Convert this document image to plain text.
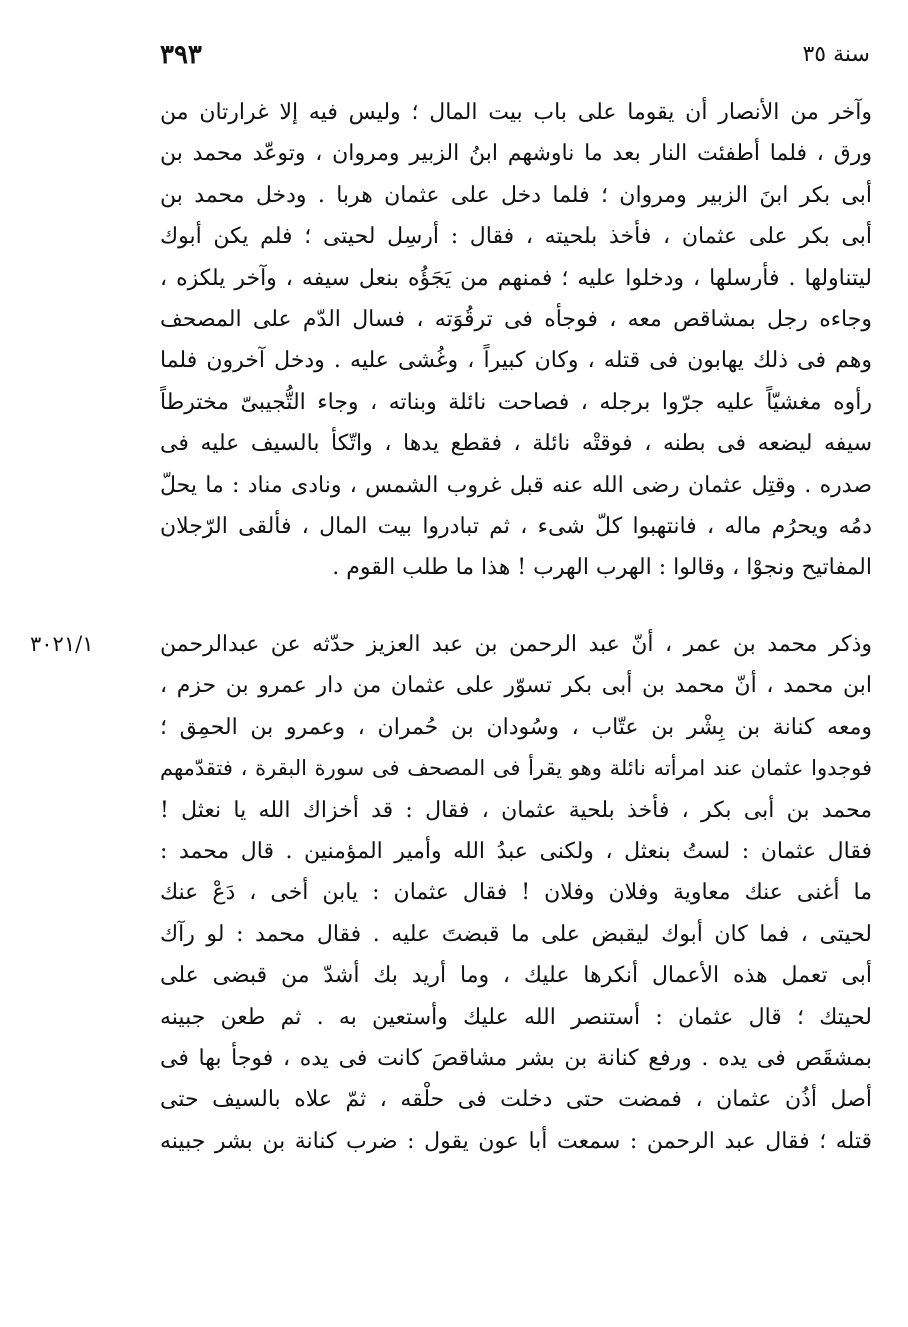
٣٩٣	سنة ٣٥
وآخر من الأنصار أن يقوما على باب بيت المال ؛ وليس فيه إلا غرارتان من
ورق ، فلما أطفئت النار بعد ما ناوشهم ابنُ الزبير ومروان ، وتوعّد محمد بن
أبى بكر ابنَ الزبير ومروان ؛ فلما دخل على عثمان هربا . ودخل محمد بن
أبى بكر على عثمان ، فأخذ بلحيته ، فقال : أرسِل لحيتى ؛ فلم يكن أبوك
ليتناولها . فأرسلها ، ودخلوا عليه ؛ فمنهم من يَجَؤُه بنعل سيفه ، وآخر يلكزه ،
وجاءه رجل بمشاقص معه ، فوجأه فى ترقُوَته ، فسال الدّم على المصحف
وهم فى ذلك يهابون فى قتله ، وكان كبيراً ، وغُشى عليه . ودخل آخرون فلما
رأوه مغشيّاً عليه جرّوا برجله ، فصاحت نائلة وبناته ، وجاء التُّجيبىّ مخترطاً
سيفه ليضعه فى بطنه ، فوقتْه نائلة ، فقطع يدها ، واتّكأ بالسيف عليه فى
صدره . وقتِل عثمان رضى الله عنه قبل غروب الشمس ، ونادى مناد : ما يحلّ
دمُه ويحرُم ماله ، فانتهبوا كلّ شىء ، ثم تبادروا بيت المال ، فألقى الرّجلان
المفاتيح ونجوْا ، وقالوا : الهرب الهرب ! هذا ما طلب القوم .
٣٠٢١/١	وذكر محمد بن عمر ، أنّ عبد الرحمن بن عبد العزيز حدّثه عن عبدالرحمن
ابن محمد ، أنّ محمد بن أبى بكر تسوّر على عثمان من دار عمرو بن حزم ،
ومعه كنانة بن بِشْر بن عتّاب ، وسُودان بن حُمران ، وعمرو بن الحمِق ؛
فوجدوا عثمان عند امرأته نائلة وهو يقرأ فى المصحف فى سورة البقرة ، فتقدّمهم
محمد بن أبى بكر ، فأخذ بلحية عثمان ، فقال : قد أخزاك الله يا نعثل !
فقال عثمان : لستُ بنعثل ، ولكنى عبدُ الله وأمير المؤمنين . قال محمد :
ما أغنى عنك معاوية وفلان وفلان ! فقال عثمان : يابن أخى ، دَعْ عنك
لحيتى ، فما كان أبوك ليقبض على ما قبضتَ عليه . فقال محمد : لو رآك
أبى تعمل هذه الأعمال أنكرها عليك ، وما أريد بك أشدّ من قبضى على
لحيتك ؛ قال عثمان : أستنصر الله عليك وأستعين به . ثم طعن جبينه
بمشقَص فى يده . ورفع كنانة بن بشر مشاقصَ كانت فى يده ، فوجأ بها فى
أصل أذُن عثمان ، فمضت حتى دخلت فى حلْقه ، ثمّ علاه بالسيف حتى
قتله ؛ فقال عبد الرحمن : سمعت أبا عون يقول : ضرب كنانة بن بشر جبينه
